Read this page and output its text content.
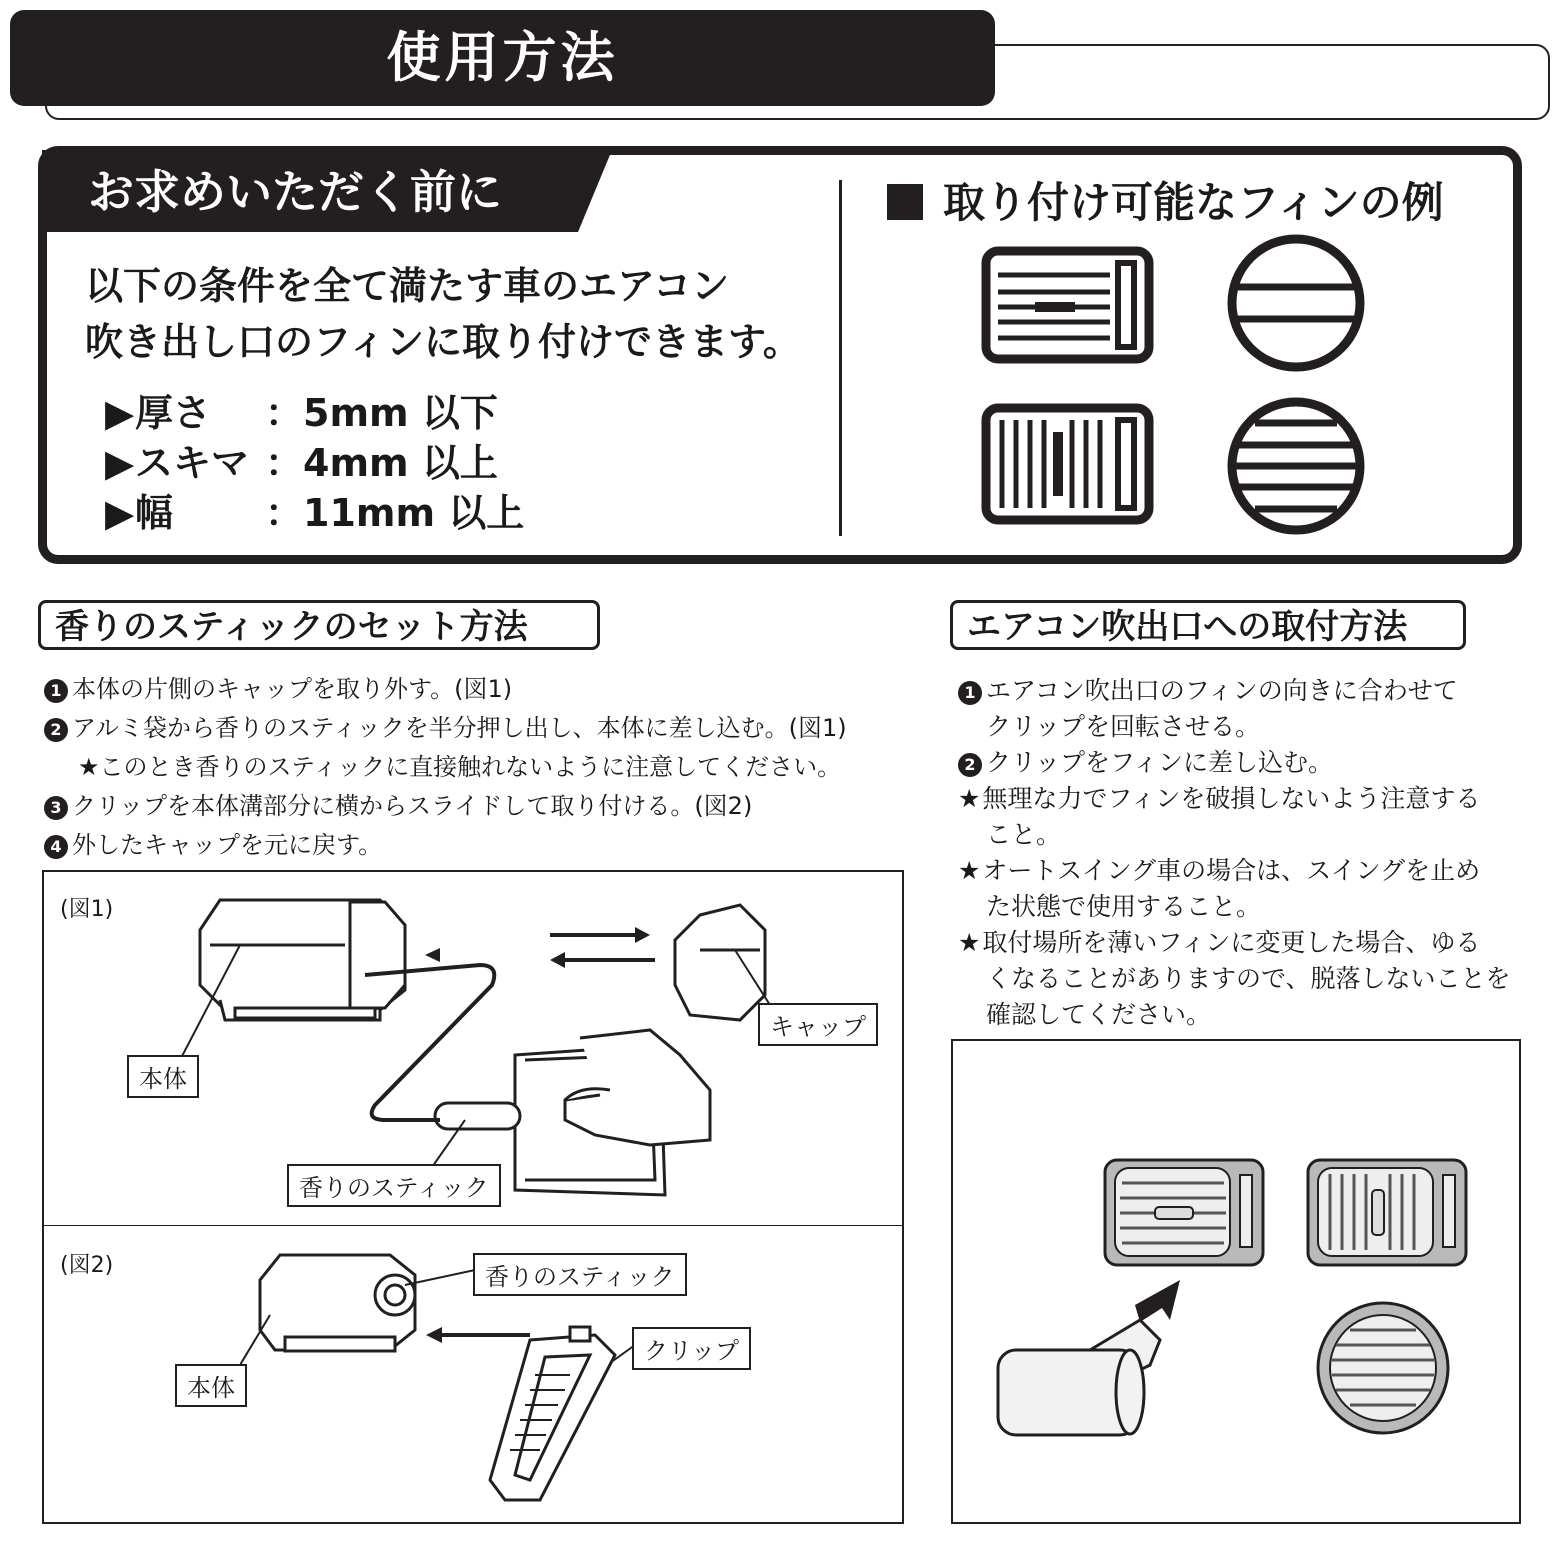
使用方法
お求めいただく前に
以下の条件を全て満たす車のエアコン
吹き出し口のフィンに取り付けできます。
▶厚さ ：5mm 以下
▶スキマ ：4mm 以上
▶幅 ：11mm 以上
取り付け可能なフィンの例
香りのスティックのセット方法
1 本体の片側のキャップを取り外す。(図1)
2 アルミ袋から香りのスティックを半分押し出し、本体に差し込む。(図1)
★このとき香りのスティックに直接触れないように注意してください。
3 クリップを本体溝部分に横からスライドして取り付ける。(図2)
4 外したキャップを元に戻す。
(図1)
(図2)
本体
キャップ
香りのスティック
本体
香りのスティック
クリップ
エアコン吹出口への取付方法
1 エアコン吹出口のフィンの向きに合わせて
クリップを回転させる。
2 クリップをフィンに差し込む。
★無理な力でフィンを破損しないよう注意する
こと。
★オートスイング車の場合は、スイングを止め
た状態で使用すること。
★取付場所を薄いフィンに変更した場合、ゆる
くなることがありますので、脱落しないことを
確認してください。
